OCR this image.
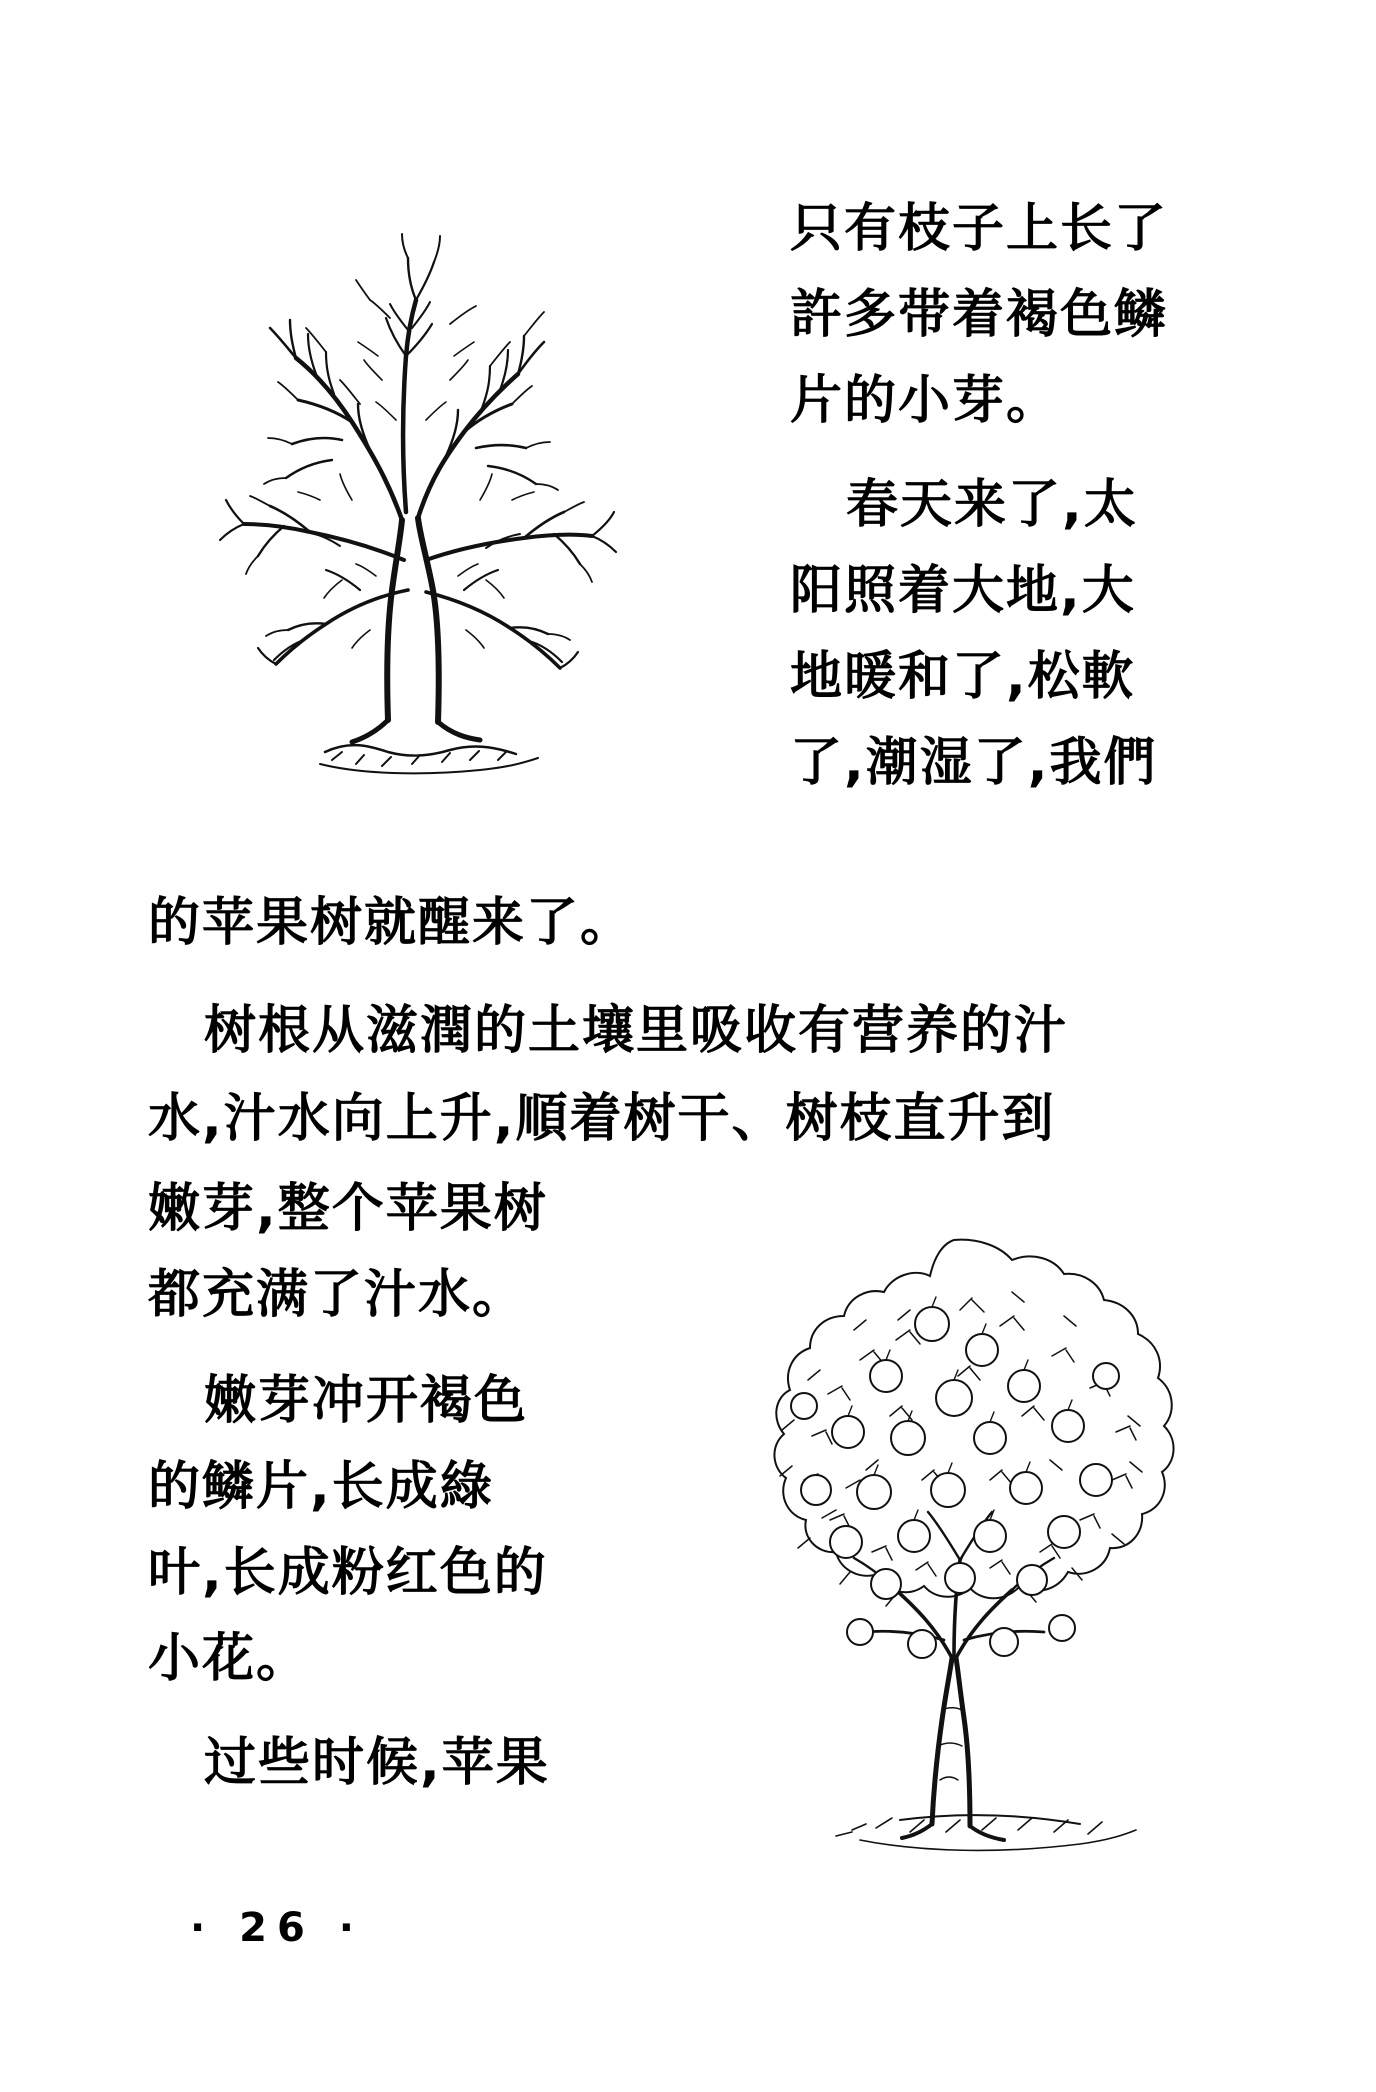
只有枝子上长了
許多带着褐色鳞
片的小芽。
春天来了,太
阳照着大地,大
地暖和了,松軟
了,潮湿了,我們
的苹果树就醒来了。
树根从滋潤的土壤里吸收有营养的汁
水,汁水向上升,順着树干、树枝直升到
嫩芽,整个苹果树
都充满了汁水。
嫩芽冲开褐色
的鳞片,长成綠
叶,长成粉红色的
小花。
过些时候,苹果
· 26 ·
